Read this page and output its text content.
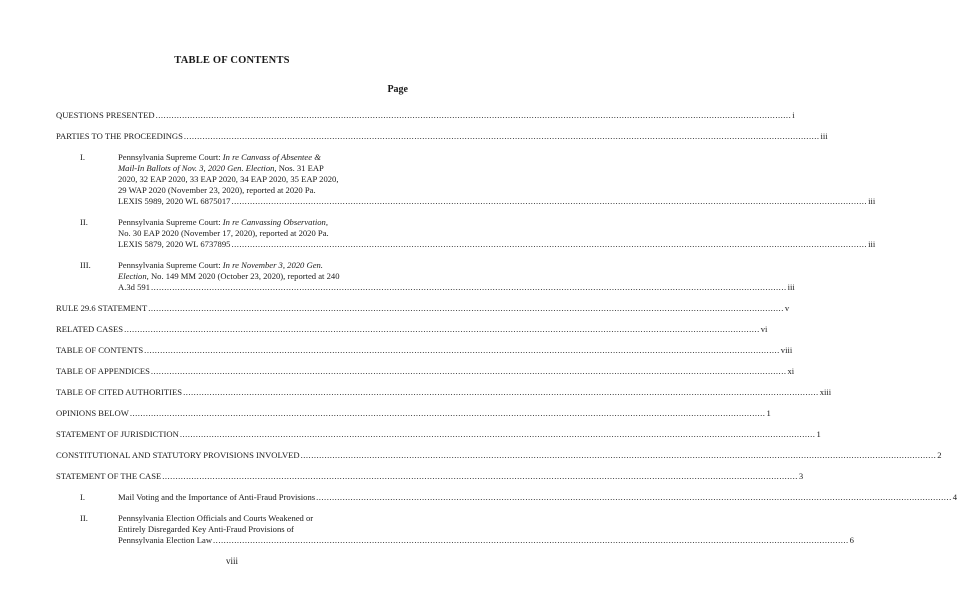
TABLE OF CONTENTS
Page
QUESTIONS PRESENTED .....	i
PARTIES TO THE PROCEEDINGS .....	iii
I.	Pennsylvania Supreme Court: In re Canvass of Absentee &
Mail-In Ballots of Nov. 3, 2020 Gen. Election, Nos. 31 EAP
2020, 32 EAP 2020, 33 EAP 2020, 34 EAP 2020, 35 EAP 2020,
29 WAP 2020 (November 23, 2020), reported at 2020 Pa.
LEXIS 5989, 2020 WL 6875017 .....	iii
II.	Pennsylvania Supreme Court: In re Canvassing Observation,
No. 30 EAP 2020 (November 17, 2020), reported at 2020 Pa.
LEXIS 5879, 2020 WL 6737895 .....	iii
III.	Pennsylvania Supreme Court: In re November 3, 2020 Gen.
Election, No. 149 MM 2020 (October 23, 2020), reported at 240
A.3d 591 .....	iii
RULE 29.6 STATEMENT .....	v
RELATED CASES .....	vi
TABLE OF CONTENTS .....	viii
TABLE OF APPENDICES .....	xi
TABLE OF CITED AUTHORITIES .....	xiii
OPINIONS BELOW .....	1
STATEMENT OF JURISDICTION .....	1
CONSTITUTIONAL AND STATUTORY PROVISIONS INVOLVED .....	2
STATEMENT OF THE CASE .....	3
I.	Mail Voting and the Importance of Anti-Fraud Provisions .....	4
II.	Pennsylvania Election Officials and Courts Weakened or
Entirely Disregarded Key Anti-Fraud Provisions of
Pennsylvania Election Law .....	6
viii
